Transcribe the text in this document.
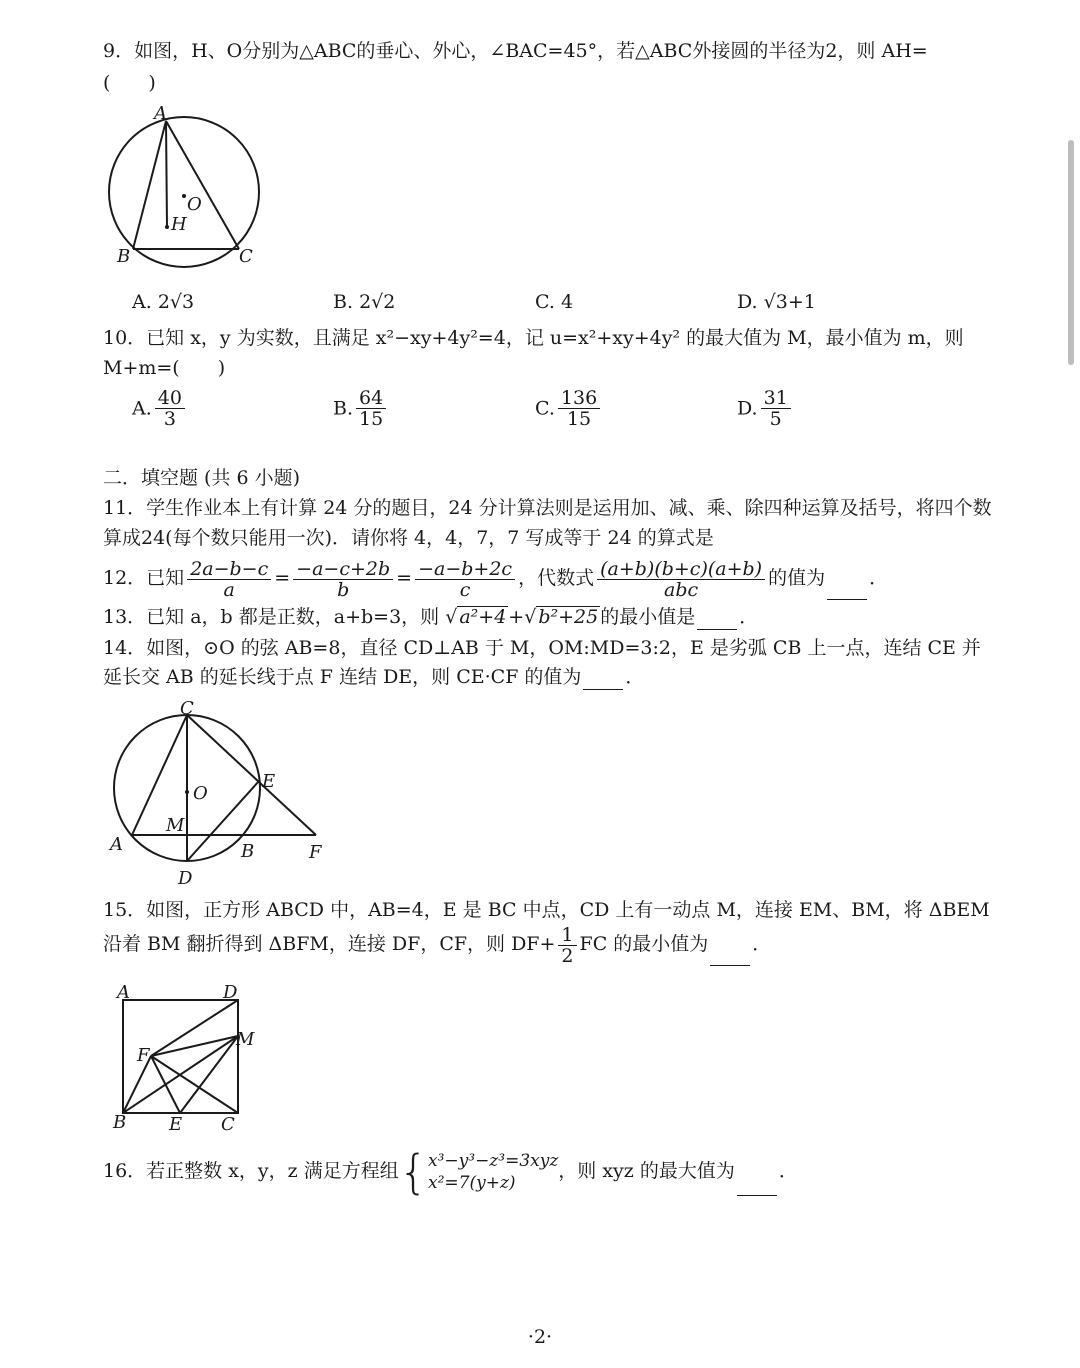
9．如图，H、O分别为△ABC的垂心、外心，∠BAC=45°，若△ABC外接圆的半径为2，则 AH=
(　　)
A
B	C
O
H
A. 2√3	B. 2√2	C. 4	D. √3+1
10．已知 x，y 为实数，且满足 x²−xy+4y²=4，记 u=x²+xy+4y² 的最大值为 M，最小值为 m，则
M+m=(　　)
A. $\frac{40}{3}$	B. $\frac{64}{15}$	C. $\frac{136}{15}$	D. $\frac{31}{5}$
二．填空题 (共 6 小题)
11．学生作业本上有计算 24 分的题目，24 分计算法则是运用加、减、乘、除四种运算及括号，将四个数
算成24(每个数只能用一次)．请你将 4，4，7，7 写成等于 24 的算式是
12．已知 $\frac{2a-b-c}{a} = \frac{-a-c+2b}{b} = \frac{-a-b+2c}{c}$ ，代数式 $\frac{(a+b)(b+c)(a+b)}{\text{abc}}$ 的值为 ．
13．已知 a，b 都是正数，a+b=3，则 √ a²+4 +√ b²+25 的最小值是 ．
14．如图，⊙O 的弦 AB=8，直径 CD⊥AB 于 M，OM:MD=3:2，E 是劣弧 CB 上一点，连结 CE 并
延长交 AB 的延长线于点 F 连结 DE，则 CE·CF 的值为 ．
C
E
O
M
A	B	F
D
15．如图，正方形 ABCD 中，AB=4，E 是 BC 中点，CD 上有一动点 M，连接 EM、BM，将 ΔBEM
沿着 BM 翻折得到 ΔBFM，连接 DF，CF，则 $DF+ \frac{1}{2}$ FC 的最小值为 ．
A	D
M
F
B E C
16．若正整数 x，y，z 满足方程组{ x³−y³−z³=3xyz
x²=7(y+z)
，则 xyz 的最大值为 ．
·2·
